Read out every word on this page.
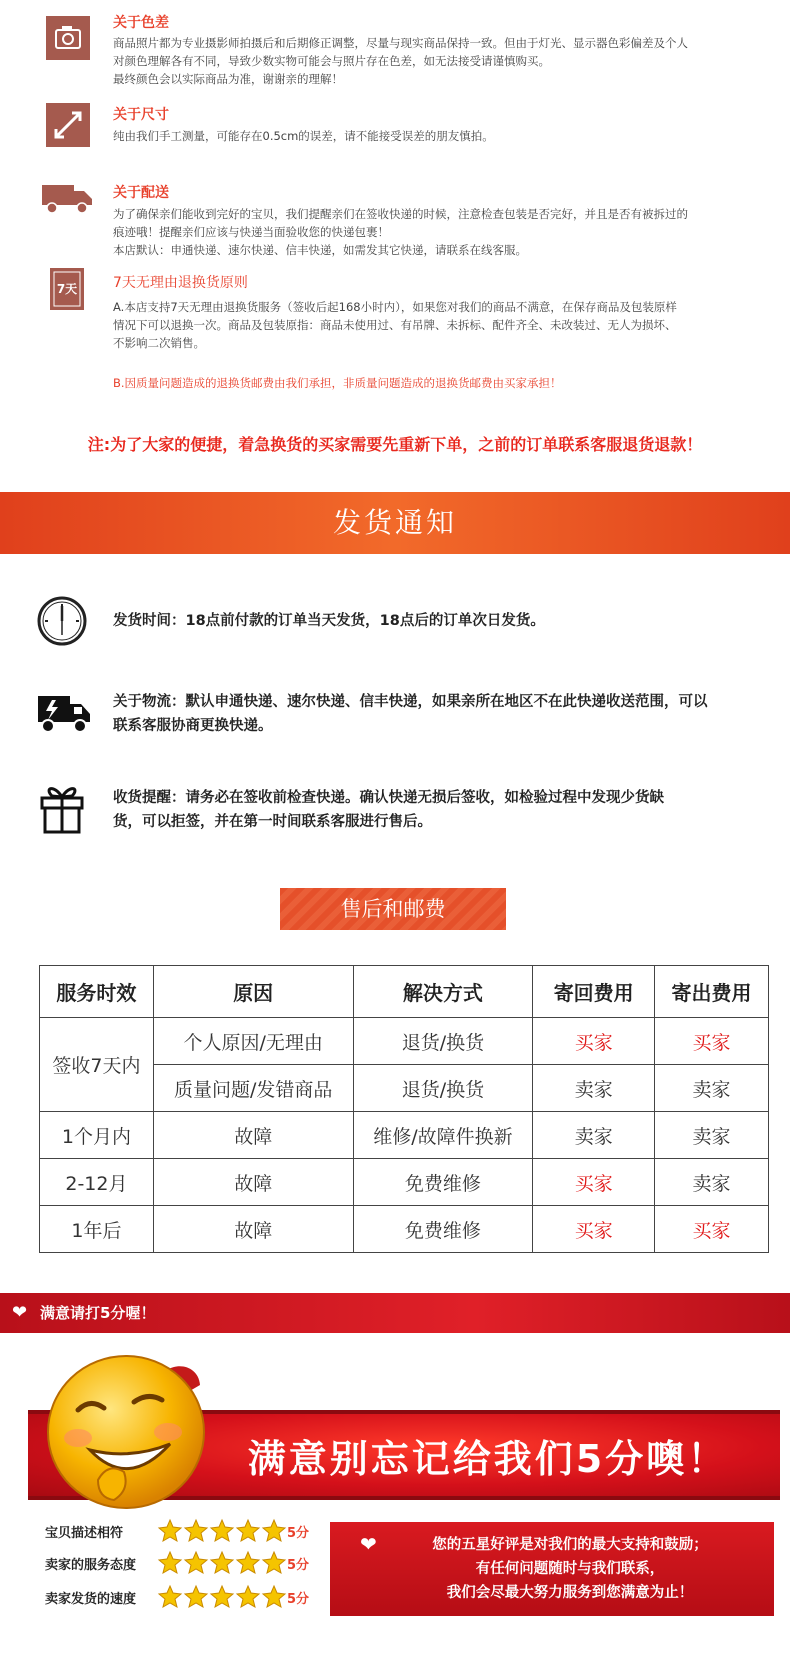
关于色差

商品照片都为专业摄影师拍摄后和后期修正调整，尽量与现实商品保持一致。但由于灯光、显示器色彩偏差及个人

对颜色理解各有不同，导致少数实物可能会与照片存在色差，如无法接受请谨慎购买。

最终颜色会以实际商品为准，谢谢亲的理解！

关于尺寸

纯由我们手工测量，可能存在0.5cm的误差，请不能接受误差的朋友慎拍。

关于配送

为了确保亲们能收到完好的宝贝，我们提醒亲们在签收快递的时候，注意检查包装是否完好，并且是否有被拆过的

痕迹哦！提醒亲们应该与快递当面验收您的快递包裹！

本店默认：申通快递、速尔快递、信丰快递，如需发其它快递，请联系在线客服。

7天	7天无理由退换货原则

A.本店支持7天无理由退换货服务（签收后起168小时内），如果您对我们的商品不满意，在保存商品及包装原样

情况下可以退换一次。商品及包装原指：商品未使用过、有吊牌、未拆标、配件齐全、未改装过、无人为损坏、

不影响二次销售。

B.因质量问题造成的退换货邮费由我们承担，非质量问题造成的退换货邮费由买家承担！
注:为了大家的便捷，着急换货的买家需要先重新下单，之前的订单联系客服退货退款！
发货通知
发货时间：18点前付款的订单当天发货，18点后的订单次日发货。
关于物流：默认申通快递、速尔快递、信丰快递，如果亲所在地区不在此快递收送范围，可以
联系客服协商更换快递。
收货提醒：请务必在签收前检查快递。确认快递无损后签收，如检验过程中发现少货缺
货，可以拒签，并在第一时间联系客服进行售后。
售后和邮费
服务时效	原因	解决方式	寄回费用	寄出费用
签收7天内	个人原因/无理由	退货/换货	买家	买家
	质量问题/发错商品	退货/换货	卖家	卖家
1个月内	故障	维修/故障件换新	卖家	卖家
2-12月	故障	免费维修	买家	卖家
1年后	故障	免费维修	买家	买家
❤ 满意请打5分喔！
满意别忘记给我们5分噢！
宝贝描述相符	5分
卖家的服务态度	5分
卖家发货的速度	5分
❤	您的五星好评是对我们的最大支持和鼓励；
有任何问题随时与我们联系，
我们会尽最大努力服务到您满意为止！
